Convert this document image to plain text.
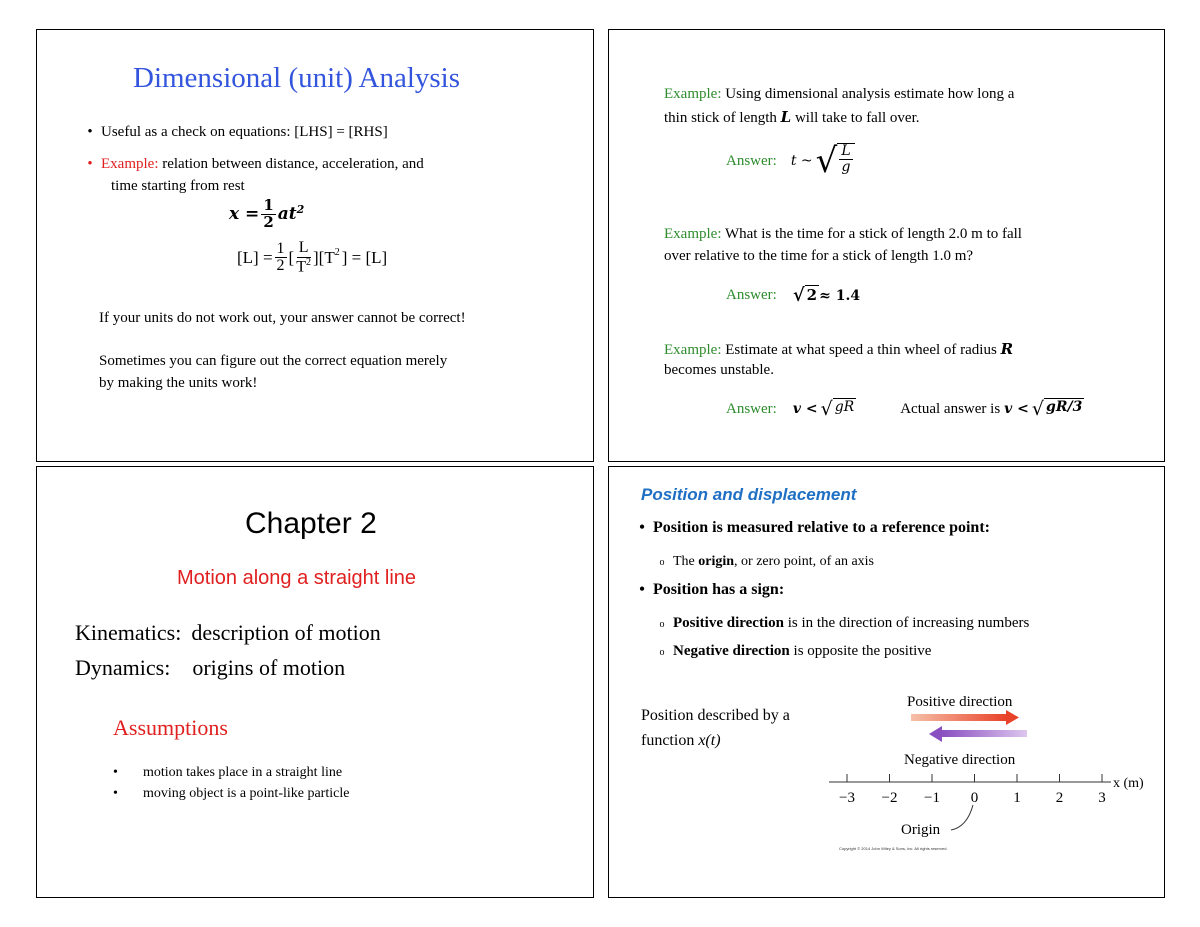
Dimensional (unit) Analysis
• Useful as a check on equations: [LHS] = [RHS]
• Example: relation between distance, acceleration, and
time starting from rest
$x = \frac{1}{2} at^2$
$[L] = \frac{1}{2}$ [ $\frac{L}{T^2} ][T^2$ ] = [L]
If your units do not work out, your answer cannot be correct!
Sometimes you can figure out the correct equation merely
by making the units work!
Example: Using dimensional analysis estimate how long a
thin stick of length L will take to fall over.
Answer: t ~ √ $\frac{L}{g}$
Example: What is the time for a stick of length 2.0 m to fall
over relative to the time for a stick of length 1.0 m?
Answer: √ 2 ≈ 1.4
Example: Estimate at what speed a thin wheel of radius R
becomes unstable.
Answer: v < √ gR	Actual answer is v < √ gR/3
Chapter 2
Motion along a straight line
Kinematics: description of motion
Dynamics: origins of motion
Assumptions
• motion takes place in a straight line
• moving object is a point-like particle
Position and displacement
• Position is measured relative to a reference point:
o The origin, or zero point, of an axis
• Position has a sign:
o Positive direction is in the direction of increasing numbers
o Negative direction is opposite the positive
Position described by a
function x(t)
Positive direction
Negative direction
−3 −2 −1 0 1 2 3
x (m)
Origin
Copyright © 2014 John Wiley & Sons, Inc. All rights reserved.
